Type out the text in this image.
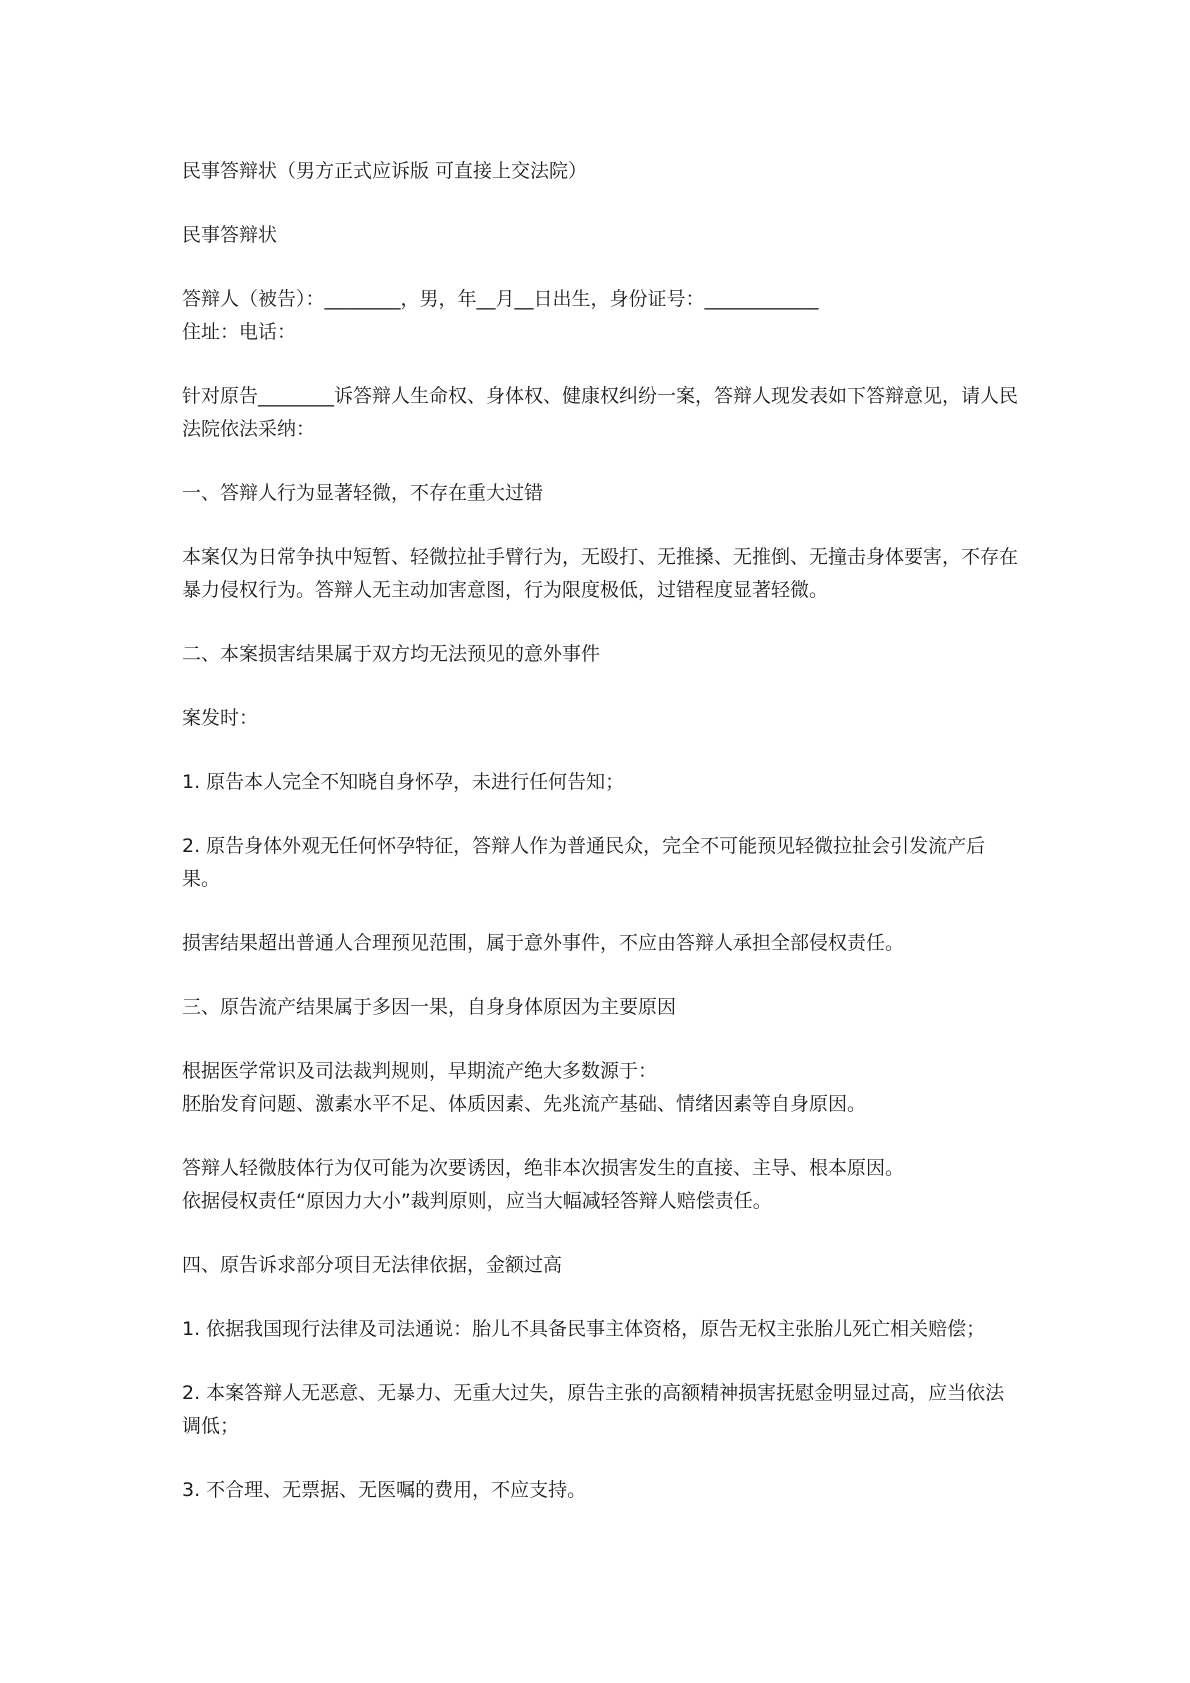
民事答辩状（男方正式应诉版 可直接上交法院）

民事答辩状

答辩人（被告）：________，男，年__月__日出生，身份证号：____________
住址：电话：

针对原告________诉答辩人生命权、身体权、健康权纠纷一案，答辩人现发表如下答辩意见，请人民法院依法采纳：

一、答辩人行为显著轻微，不存在重大过错

本案仅为日常争执中短暂、轻微拉扯手臂行为，无殴打、无推搡、无推倒、无撞击身体要害，不存在暴力侵权行为。答辩人无主动加害意图，行为限度极低，过错程度显著轻微。

二、本案损害结果属于双方均无法预见的意外事件

案发时：

1. 原告本人完全不知晓自身怀孕，未进行任何告知；

2. 原告身体外观无任何怀孕特征，答辩人作为普通民众，完全不可能预见轻微拉扯会引发流产后果。

损害结果超出普通人合理预见范围，属于意外事件，不应由答辩人承担全部侵权责任。

三、原告流产结果属于多因一果，自身身体原因为主要原因

根据医学常识及司法裁判规则，早期流产绝大多数源于：
胚胎发育问题、激素水平不足、体质因素、先兆流产基础、情绪因素等自身原因。

答辩人轻微肢体行为仅可能为次要诱因，绝非本次损害发生的直接、主导、根本原因。
依据侵权责任“原因力大小”裁判原则，应当大幅减轻答辩人赔偿责任。

四、原告诉求部分项目无法律依据，金额过高

1. 依据我国现行法律及司法通说：胎儿不具备民事主体资格，原告无权主张胎儿死亡相关赔偿；

2. 本案答辩人无恶意、无暴力、无重大过失，原告主张的高额精神损害抚慰金明显过高，应当依法调低；

3. 不合理、无票据、无医嘱的费用，不应支持。
